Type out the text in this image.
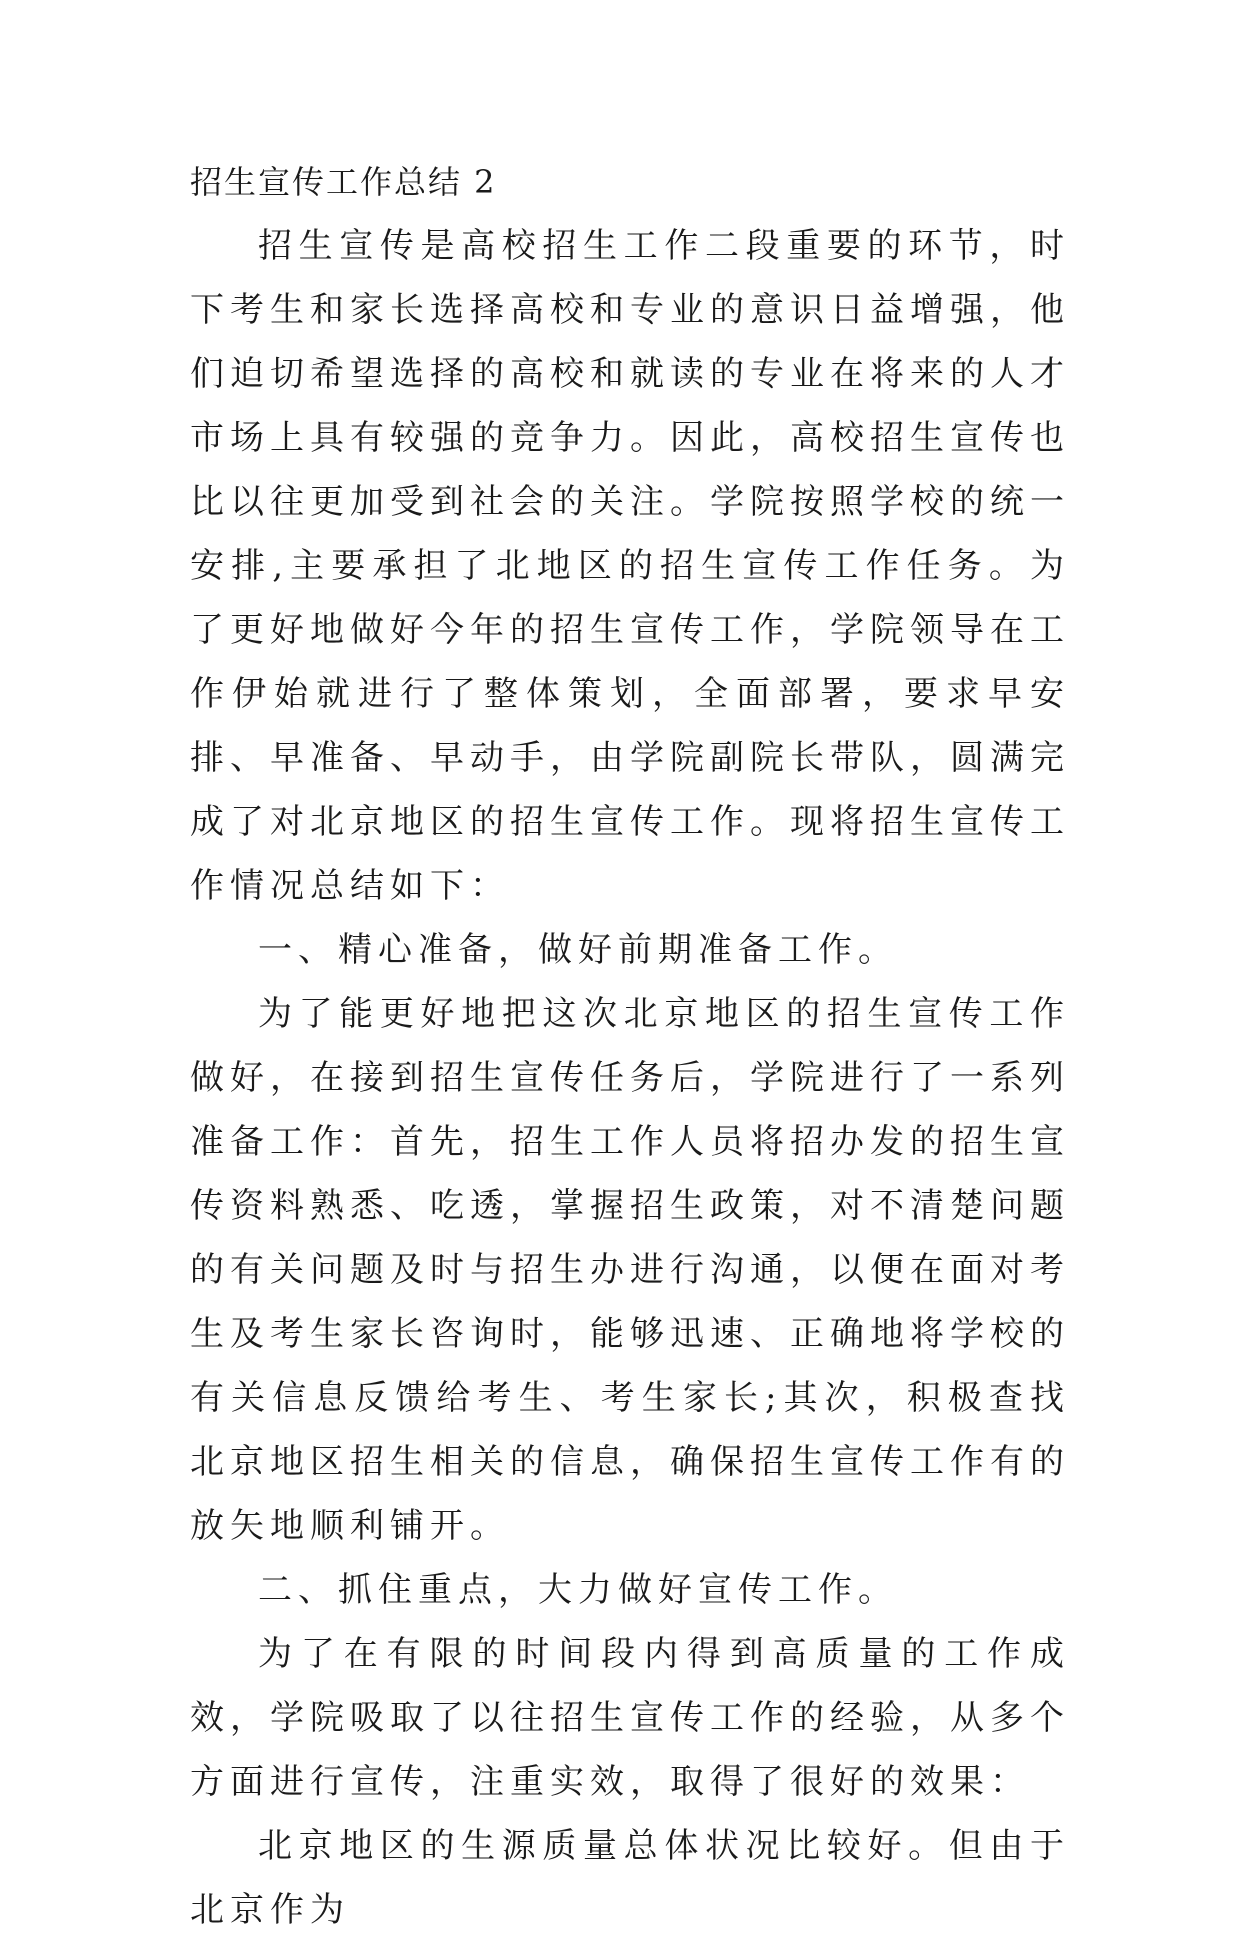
招生宣传工作总结 2

招生宣传是高校招生工作二段重要的环节，时下考生和家长选择高校和专业的意识日益增强，他们迫切希望选择的高校和就读的专业在将来的人才市场上具有较强的竞争力。因此，高校招生宣传也比以往更加受到社会的关注。学院按照学校的统一安排,主要承担了北地区的招生宣传工作任务。为了更好地做好今年的招生宣传工作，学院领导在工作伊始就进行了整体策划，全面部署，要求早安排、早准备、早动手，由学院副院长带队，圆满完成了对北京地区的招生宣传工作。现将招生宣传工作情况总结如下：

一、精心准备，做好前期准备工作。

为了能更好地把这次北京地区的招生宣传工作做好，在接到招生宣传任务后，学院进行了一系列准备工作：首先，招生工作人员将招办发的招生宣传资料熟悉、吃透，掌握招生政策，对不清楚问题的有关问题及时与招生办进行沟通，以便在面对考生及考生家长咨询时，能够迅速、正确地将学校的有关信息反馈给考生、考生家长;其次，积极查找北京地区招生相关的信息，确保招生宣传工作有的放矢地顺利铺开。

二、抓住重点，大力做好宣传工作。

为了在有限的时间段内得到高质量的工作成效，学院吸取了以往招生宣传工作的经验，从多个方面进行宣传，注重实效，取得了很好的效果：

北京地区的生源质量总体状况比较好。但由于北京作为
